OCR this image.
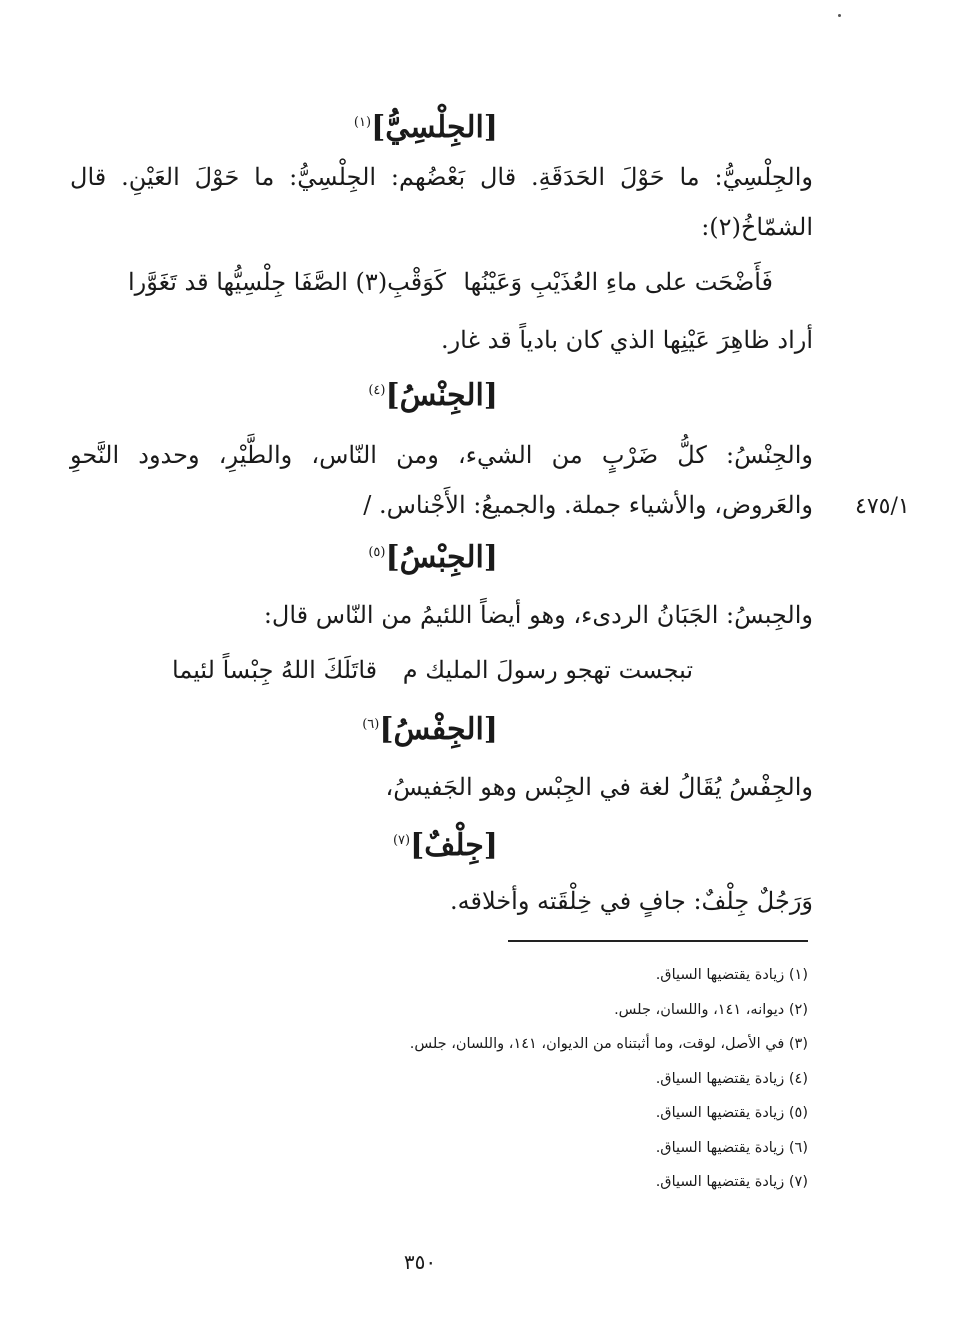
[الجِلْسِيُّ]$^{(١)}$
والجِلْسِيُّ: ما حَوْلَ الحَدَقَةِ. قال بَعْضُهم: الجِلْسِيُّ: ما حَوْلَ العَيْنِ. قال
الشمّاخُ(٢):
فَأَضْحَت على ماءِ العُذَيْبِ وَعَيْنُها
كَوَقْبِ(٣) الصَّفَا جِلْسِيُّها قد تَغَوَّرا
أراد ظاهِرَ عَيْنِها الذي كان بادياً قد غار.
[الجِنْسُ]$^{(٤)}$
والجِنْسُ: كلُّ ضَرْبٍ من الشيء، ومن النّاس، والطَّيْرِ، وحدود النَّحوِ
والعَروض، والأشياء جملة. والجميعُ: الأَجْناس. / ٤٧٥/١
[الجِبْسُ]$^{(٥)}$
والجِبسُ: الجَبَانُ الردىء، وهو أيضاً اللئيمُ من النّاس قال:
تبجست تهجو رسولَ المليك م
قاتَلَكَ اللهُ جِبْساً لئيما
[الجِفْسُ]$^{(٦)}$
والجِفْسُ يُقَالُ لغة في الجِبْس وهو الجَفيسُ،
[جِلْفٌ]$^{(٧)}$
وَرَجُلٌ جِلْفٌ: جافٍ في خِلْقَته وأخلاقه.
(١) زيادة يقتضيها السياق.
(٢) ديوانه، ١٤١، واللسان، جلس.
(٣) في الأصل، لوقت، وما أثبتناه من الديوان، ١٤١، واللسان، جلس.
(٤) زيادة يقتضيها السياق.
(٥) زيادة يقتضيها السياق.
(٦) زيادة يقتضيها السياق.
(٧) زيادة يقتضيها السياق.
٣٥٠
